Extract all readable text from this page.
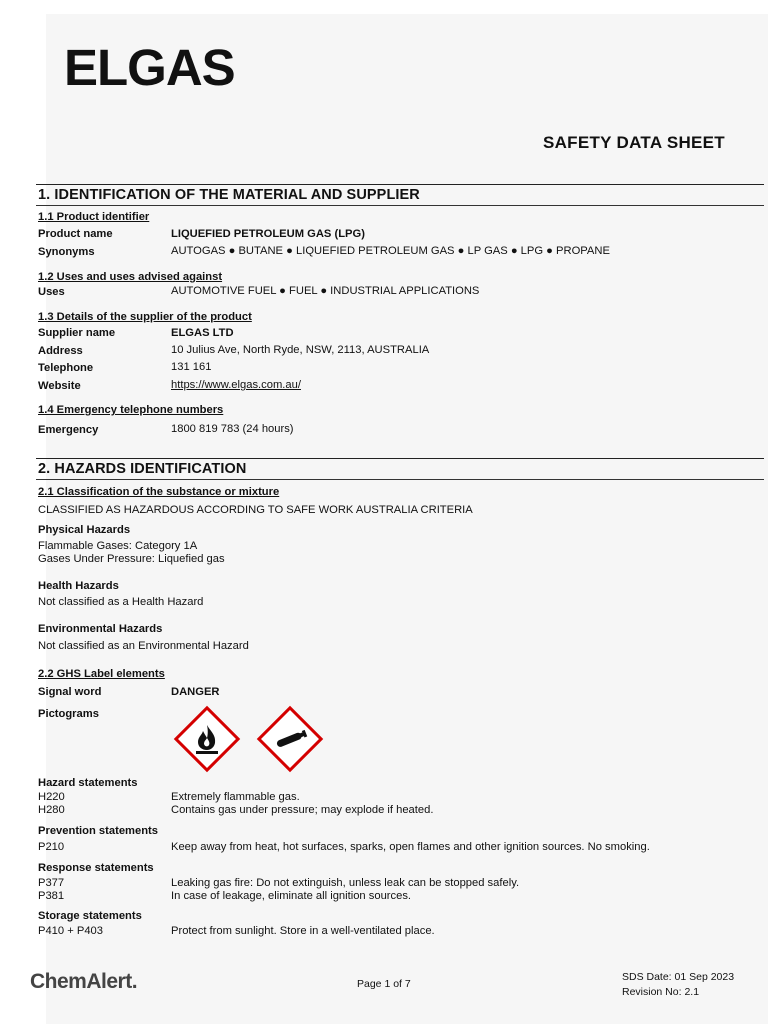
ELGAS
SAFETY DATA SHEET
1. IDENTIFICATION OF THE MATERIAL AND SUPPLIER
1.1 Product identifier
Product name	LIQUEFIED PETROLEUM GAS (LPG)
Synonyms	AUTOGAS ● BUTANE ● LIQUEFIED PETROLEUM GAS ● LP GAS ● LPG ● PROPANE
1.2 Uses and uses advised against
Uses	AUTOMOTIVE FUEL ● FUEL ● INDUSTRIAL APPLICATIONS
1.3 Details of the supplier of the product
Supplier name	ELGAS LTD
Address	10 Julius Ave, North Ryde, NSW, 2113, AUSTRALIA
Telephone	131 161
Website	https://www.elgas.com.au/
1.4 Emergency telephone numbers
Emergency	1800 819 783 (24 hours)
2. HAZARDS IDENTIFICATION
2.1 Classification of the substance or mixture
CLASSIFIED AS HAZARDOUS ACCORDING TO SAFE WORK AUSTRALIA CRITERIA
Physical Hazards
Flammable Gases: Category 1A
Gases Under Pressure: Liquefied gas
Health Hazards
Not classified as a Health Hazard
Environmental Hazards
Not classified as an Environmental Hazard
2.2 GHS Label elements
Signal word	DANGER
Pictograms
Hazard statements
H220	Extremely flammable gas.
H280	Contains gas under pressure; may explode if heated.
Prevention statements
P210	Keep away from heat, hot surfaces, sparks, open flames and other ignition sources. No smoking.
Response statements
P377	Leaking gas fire: Do not extinguish, unless leak can be stopped safely.
P381	In case of leakage, eliminate all ignition sources.
Storage statements
P410 + P403	Protect from sunlight. Store in a well-ventilated place.
ChemAlert.	Page 1 of 7
SDS Date: 01 Sep 2023
Revision No: 2.1
